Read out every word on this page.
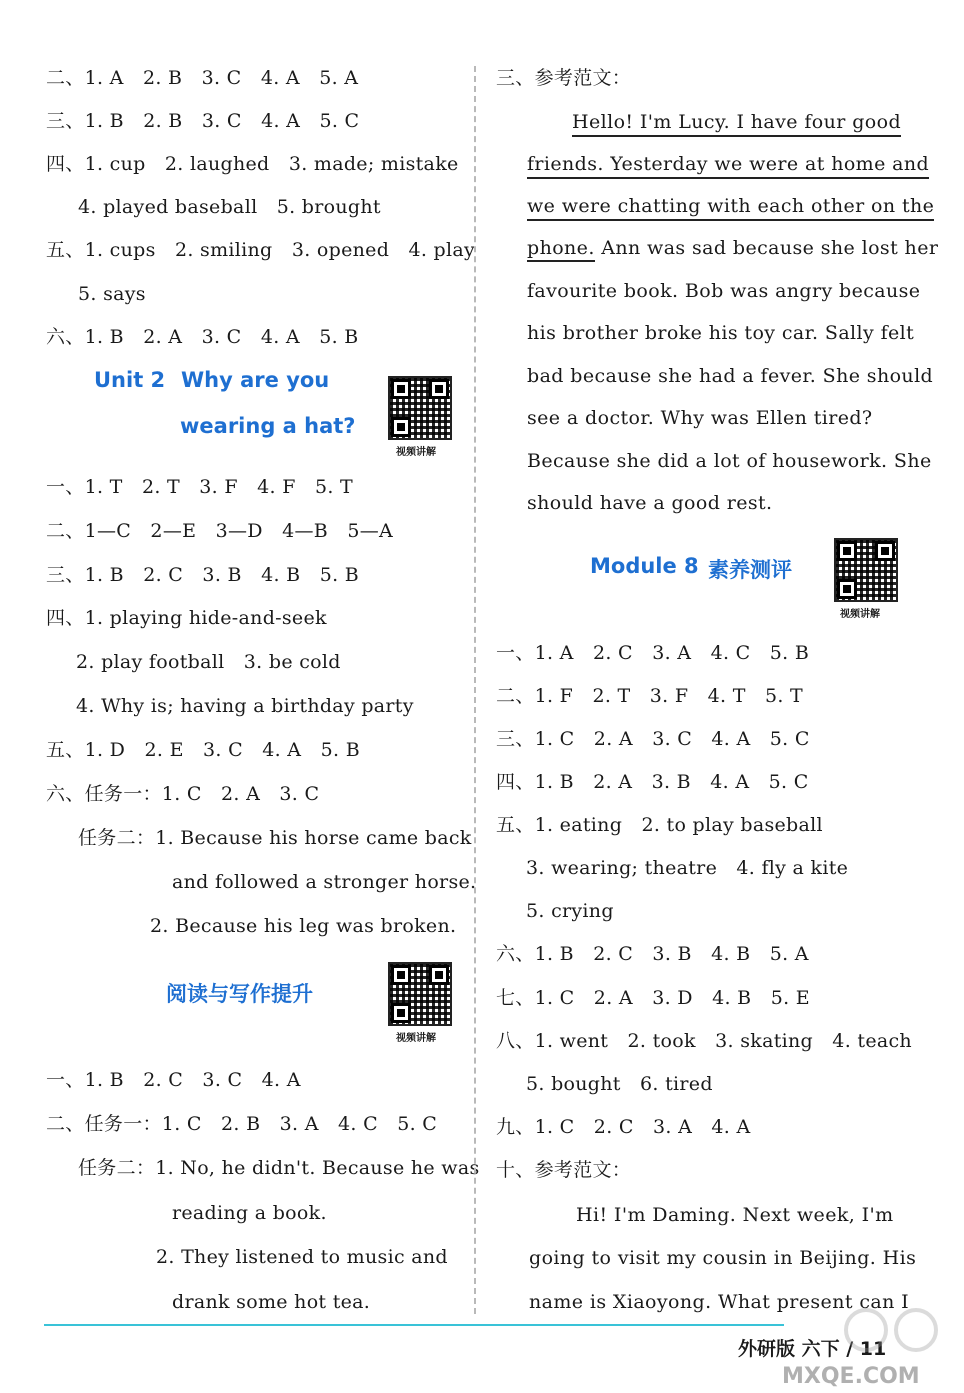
二、1. A　2. B　3. C　4. A　5. A
三、1. B　2. B　3. C　4. A　5. C
四、1. cup　2. laughed　3. made; mistake
4. played baseball　5. brought
五、1. cups　2. smiling　3. opened　4. play
5. says
六、1. B　2. A　3. C　4. A　5. B
Unit 2 Why are you
wearing a hat?
视频讲解
一、1. T　2. T　3. F　4. F　5. T
二、1—C　2—E　3—D　4—B　5—A
三、1. B　2. C　3. B　4. B　5. B
四、1. playing hide-and-seek
2. play football　3. be cold
4. Why is; having a birthday party
五、1. D　2. E　3. C　4. A　5. B
六、任务一：1. C　2. A　3. C
任务二：1. Because his horse came back
and followed a stronger horse.
2. Because his leg was broken.
阅读与写作提升
视频讲解
一、1. B　2. C　3. C　4. A
二、任务一：1. C　2. B　3. A　4. C　5. C
任务二：1. No, he didn't. Because he was
reading a book.
2. They listened to music and
drank some hot tea.
三、参考范文：
Hello! I'm Lucy. I have four good
friends. Yesterday we were at home and
we were chatting with each other on the
phone. Ann was sad because she lost her
favourite book. Bob was angry because
his brother broke his toy car. Sally felt
bad because she had a fever. She should
see a doctor. Why was Ellen tired?
Because she did a lot of housework. She
should have a good rest.
Module 8 素养测评
视频讲解
一、1. A　2. C　3. A　4. C　5. B
二、1. F　2. T　3. F　4. T　5. T
三、1. C　2. A　3. C　4. A　5. C
四、1. B　2. A　3. B　4. A　5. C
五、1. eating　2. to play baseball
3. wearing; theatre　4. fly a kite
5. crying
六、1. B　2. C　3. B　4. B　5. A
七、1. C　2. A　3. D　4. B　5. E
八、1. went　2. took　3. skating　4. teach
5. bought　6. tired
九、1. C　2. C　3. A　4. A
十、参考范文：
Hi! I'm Daming. Next week, I'm
going to visit my cousin in Beijing. His
name is Xiaoyong. What present can I
外研版 六下 / 11
MXQE.COM
